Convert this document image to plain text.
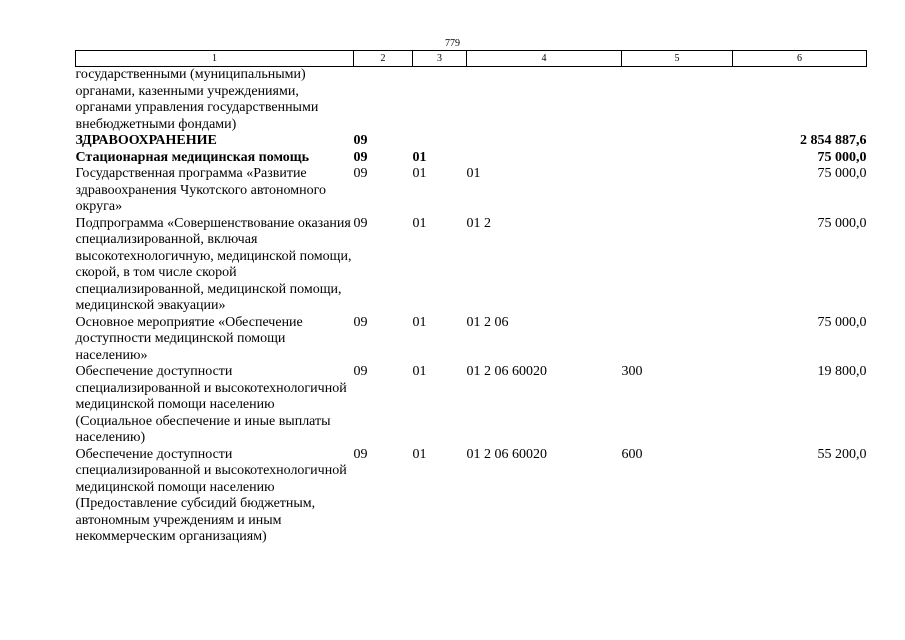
779
1	2	3	4	5	6
государственными (муниципальными) органами, казенными учреждениями, органами управления государственными внебюджетными фондами)					
ЗДРАВООХРАНЕНИЕ	09				2 854 887,6
Стационарная медицинская помощь	09	01			75 000,0
Государственная программа «Развитие здравоохранения Чукотского автономного округа»	09	01	01		75 000,0
Подпрограмма «Совершенствование оказания специализированной, включая высокотехнологичную, медицинской помощи, скорой, в том числе скорой специализированной, медицинской помощи, медицинской эвакуации»	09	01	01 2		75 000,0
Основное мероприятие «Обеспечение доступности медицинской помощи населению»	09	01	01 2 06		75 000,0
Обеспечение доступности специализированной и высокотехнологичной медицинской помощи населению (Социальное обеспечение и иные выплаты населению)	09	01	01 2 06 60020	300	19 800,0
Обеспечение доступности специализированной и высокотехнологичной медицинской помощи населению (Предоставление субсидий бюджетным, автономным учреждениям и иным некоммерческим организациям)	09	01	01 2 06 60020	600	55 200,0
